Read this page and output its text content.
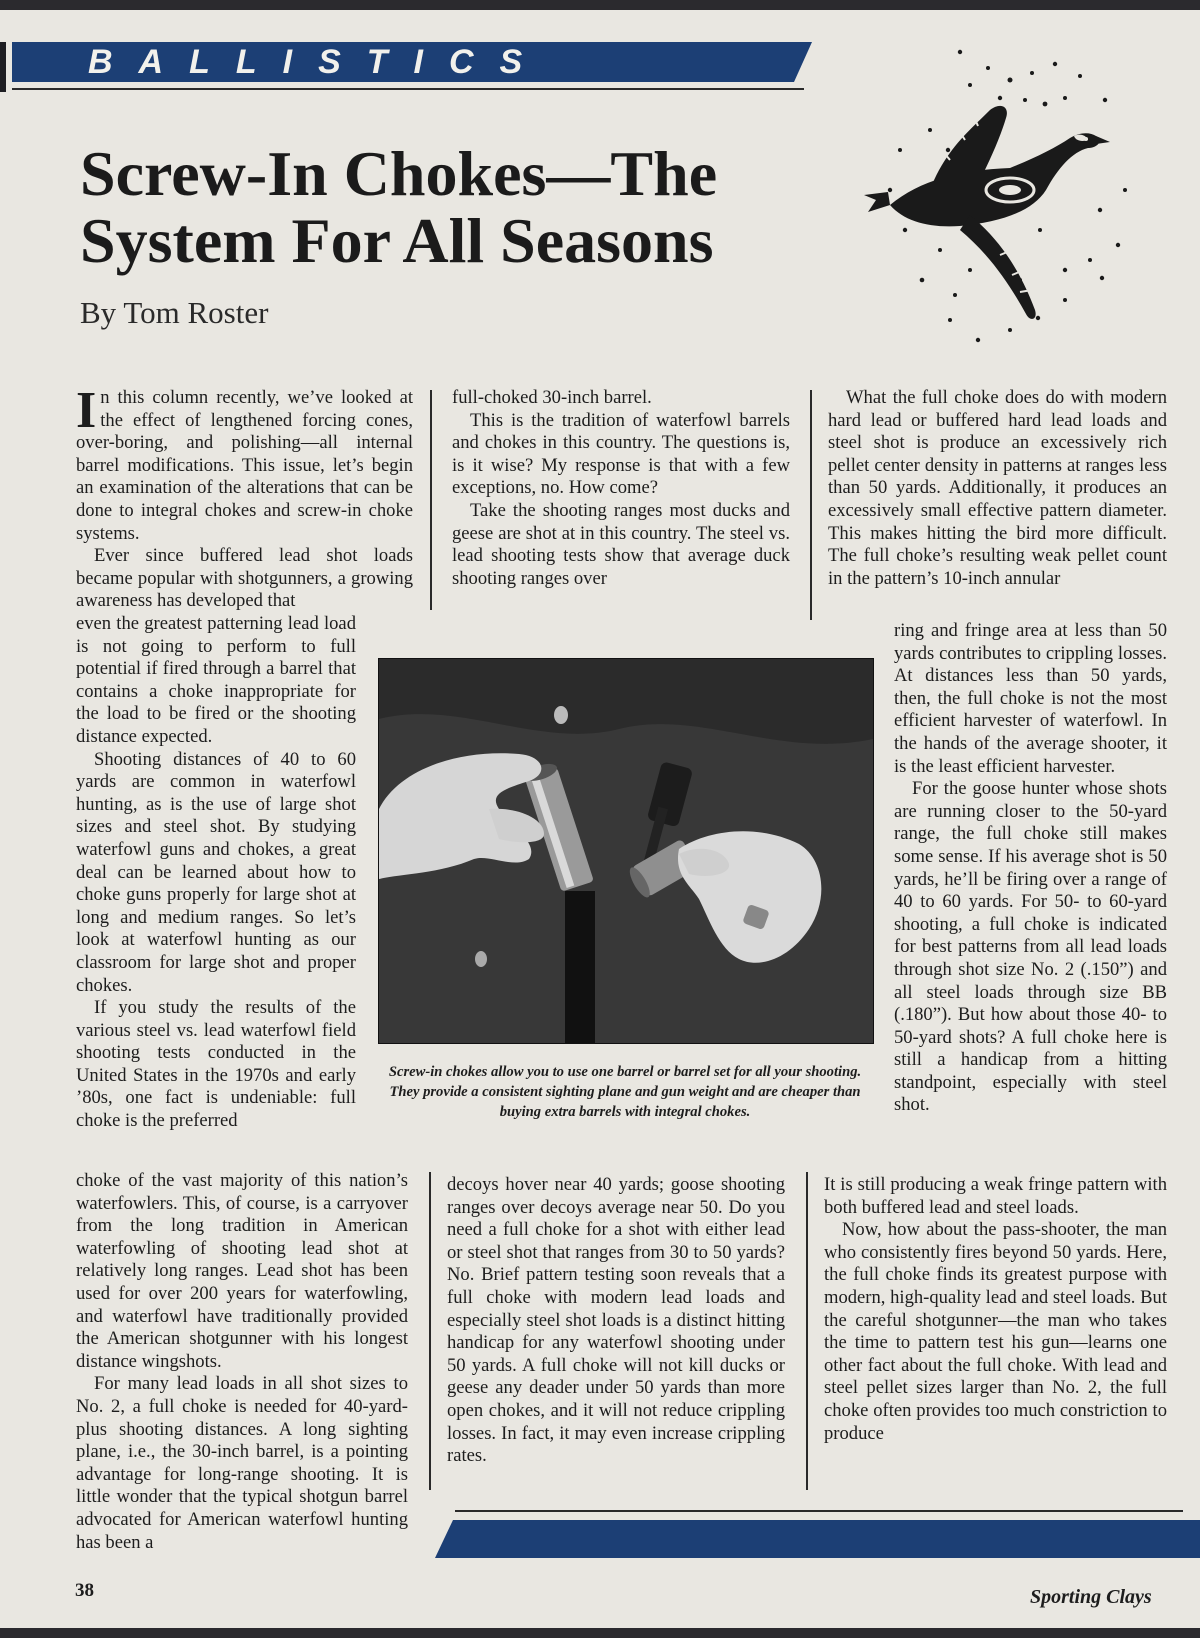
BALLISTICS
Screw-In Chokes—The System For All Seasons
By Tom Roster

In this column recently, we’ve looked at the effect of lengthened forcing cones, over-boring, and polishing—all internal barrel modifications. This issue, let’s begin an examination of the alterations that can be done to integral chokes and screw-in choke systems.

Ever since buffered lead shot loads became popular with shotgunners, a growing awareness has developed that

even the greatest patterning lead load is not going to perform to full potential if fired through a barrel that contains a choke inappropriate for the load to be fired or the shooting distance expected.

Shooting distances of 40 to 60 yards are common in waterfowl hunting, as is the use of large shot sizes and steel shot. By studying waterfowl guns and chokes, a great deal can be learned about how to choke guns properly for large shot at long and medium ranges. So let’s look at waterfowl hunting as our classroom for large shot and proper chokes.

If you study the results of the various steel vs. lead waterfowl field shooting tests conducted in the United States in the 1970s and early ’80s, one fact is undeniable: full choke is the preferred

choke of the vast majority of this nation’s waterfowlers. This, of course, is a carryover from the long tradition in American waterfowling of shooting lead shot at relatively long ranges. Lead shot has been used for over 200 years for waterfowling, and waterfowl have traditionally provided the American shotgunner with his longest distance wingshots.

For many lead loads in all shot sizes to No. 2, a full choke is needed for 40-yard-plus shooting distances. A long sighting plane, i.e., the 30-inch barrel, is a pointing advantage for long-range shooting. It is little wonder that the typical shotgun barrel advocated for American waterfowl hunting has been a

full-choked 30-inch barrel.

This is the tradition of waterfowl barrels and chokes in this country. The questions is, is it wise? My response is that with a few exceptions, no. How come?

Take the shooting ranges most ducks and geese are shot at in this country. The steel vs. lead shooting tests show that average duck shooting ranges over

decoys hover near 40 yards; goose shooting ranges over decoys average near 50. Do you need a full choke for a shot with either lead or steel shot that ranges from 30 to 50 yards? No. Brief pattern testing soon reveals that a full choke with modern lead loads and especially steel shot loads is a distinct hitting handicap for any waterfowl shooting under 50 yards. A full choke will not kill ducks or geese any deader under 50 yards than more open chokes, and it will not reduce crippling losses. In fact, it may even increase crippling rates.

What the full choke does do with modern hard lead or buffered hard lead loads and steel shot is produce an excessively rich pellet center density in patterns at ranges less than 50 yards. Additionally, it produces an excessively small effective pattern diameter. This makes hitting the bird more difficult. The full choke’s resulting weak pellet count in the pattern’s 10-inch annular

ring and fringe area at less than 50 yards contributes to crippling losses. At distances less than 50 yards, then, the full choke is not the most efficient harvester of waterfowl. In the hands of the average shooter, it is the least efficient harvester.

For the goose hunter whose shots are running closer to the 50-yard range, the full choke still makes some sense. If his average shot is 50 yards, he’ll be firing over a range of 40 to 60 yards. For 50- to 60-yard shooting, a full choke is indicated for best patterns from all lead loads through shot size No. 2 (.150”) and all steel loads through size BB (.180”). But how about those 40- to 50-yard shots? A full choke here is still a handicap from a hitting standpoint, especially with steel shot.

It is still producing a weak fringe pattern with both buffered lead and steel loads.

Now, how about the pass-shooter, the man who consistently fires beyond 50 yards. Here, the full choke finds its greatest purpose with modern, high-quality lead and steel loads. But the careful shotgunner—the man who takes the time to pattern test his gun—learns one other fact about the full choke. With lead and steel pellet sizes larger than No. 2, the full choke often provides too much constriction to produce

Screw-in chokes allow you to use one barrel or barrel set for all your shooting. They provide a consistent sighting plane and gun weight and are cheaper than buying extra barrels with integral chokes.

38	Sporting Clays
